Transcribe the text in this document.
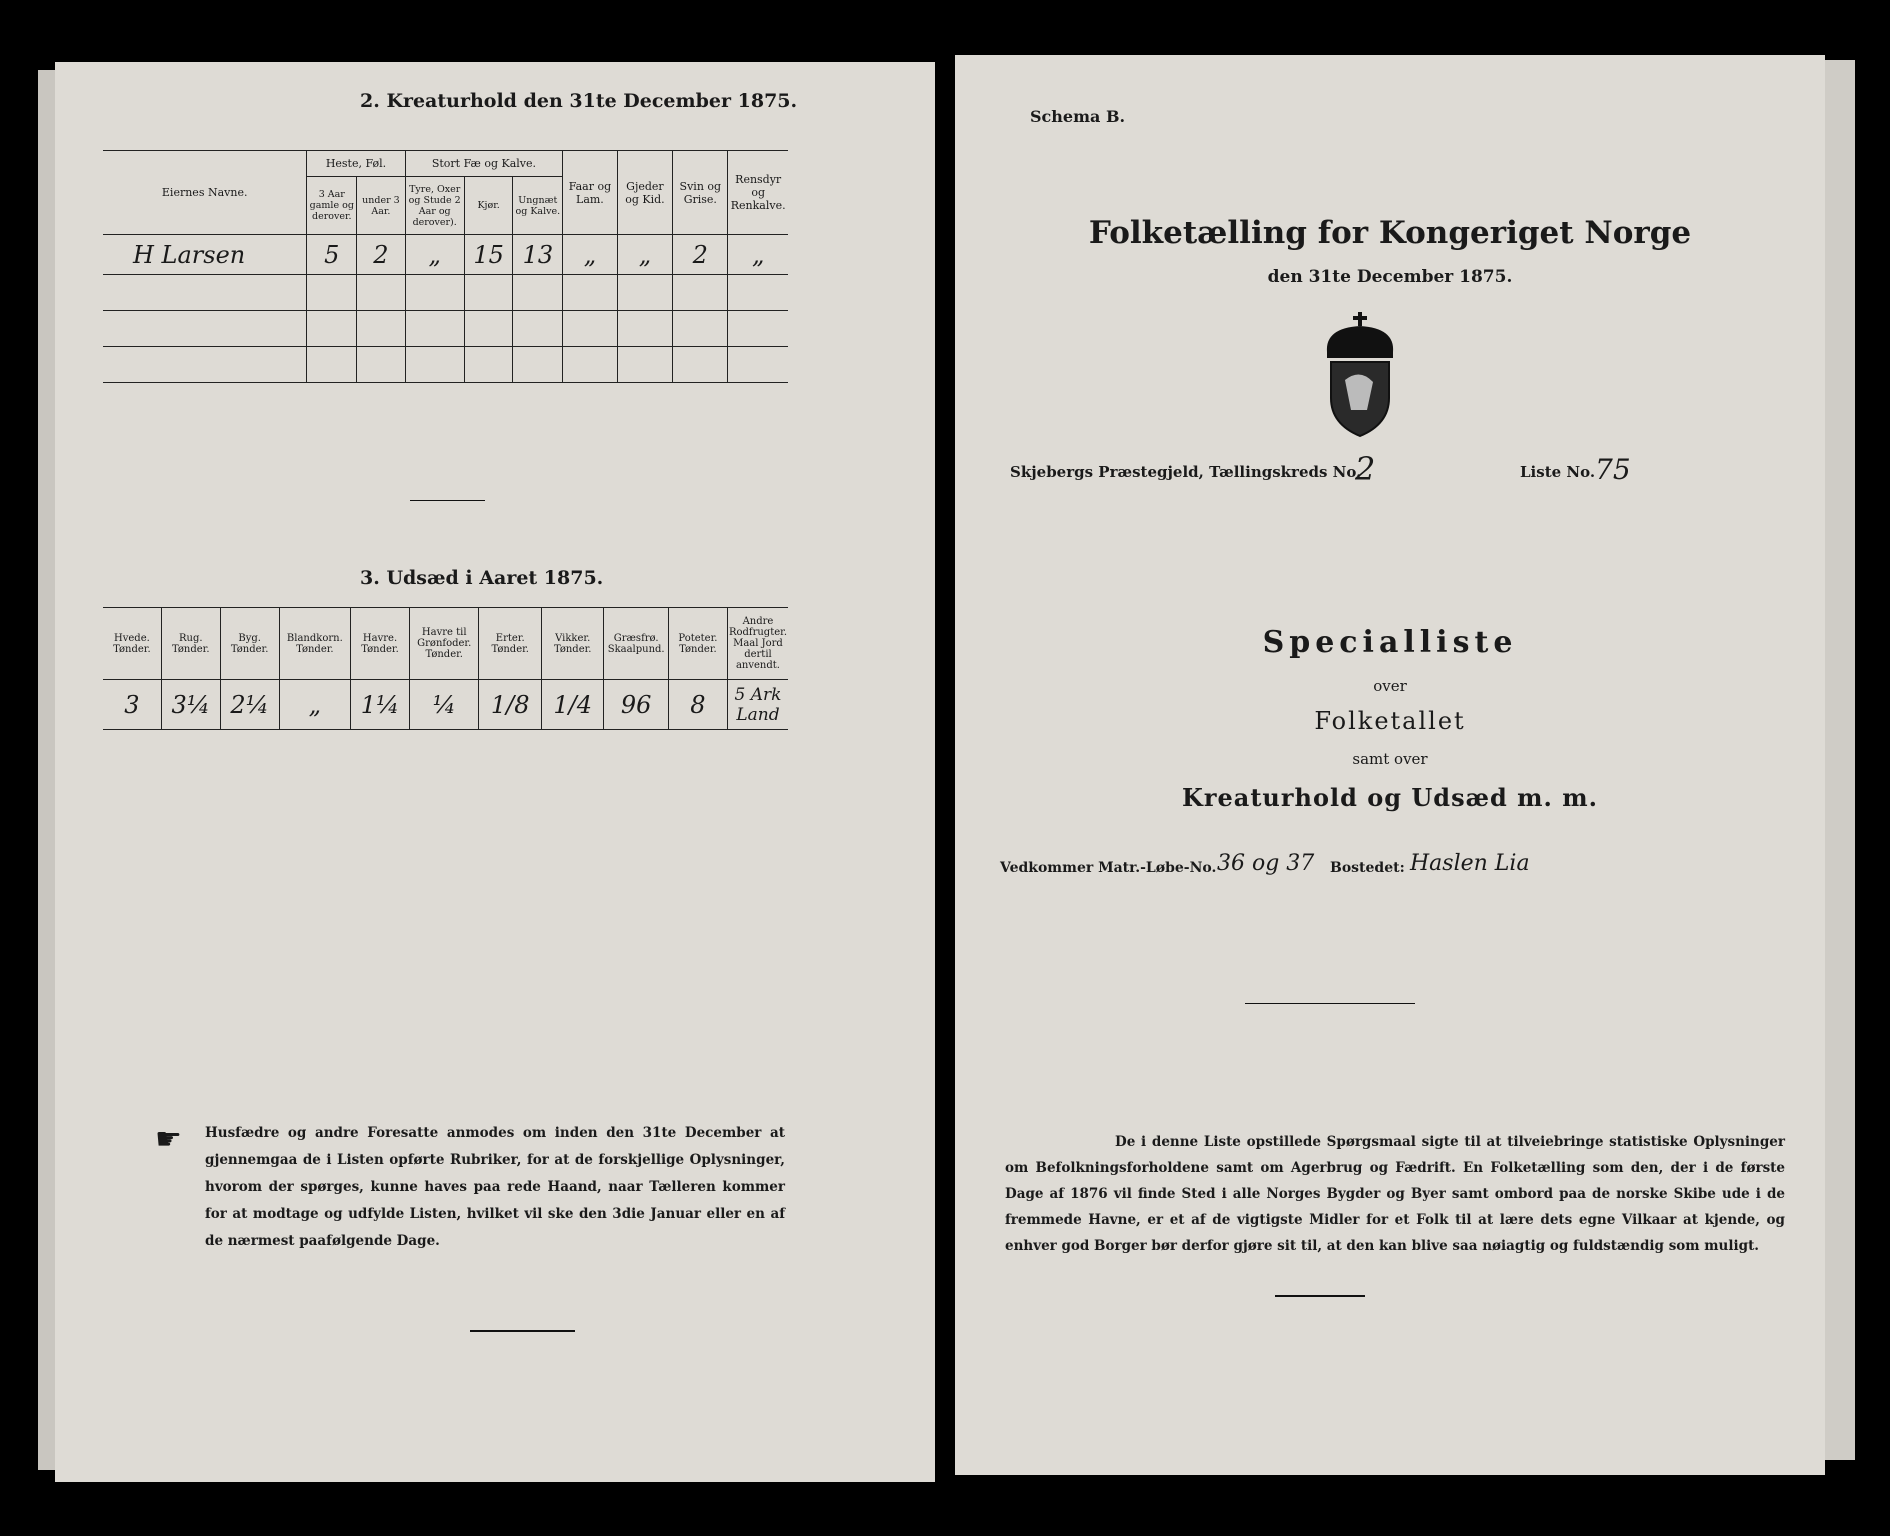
2. Kreaturhold den 31te December 1875.
Eiernes Navne.	Heste, Føl.		Stort Fæ og Kalve.			Faar og Lam.	Gjeder og Kid.	Svin og Grise.	Rensdyr og Renkalve.
	3 Aar gamle og derover.	under 3 Aar.	Tyre, Oxer og Stude 2 Aar og derover).	Kjør.	Ungnæt og Kalve.				
H Larsen	5	2	„	15	13	„	„	2	„

3. Udsæd i Aaret 1875.
Hvede. Tønder.	Rug. Tønder.	Byg. Tønder.	Blandkorn. Tønder.	Havre. Tønder.	Havre til Grønfoder. Tønder.	Erter. Tønder.	Vikker. Tønder.	Græsfrø. Skaalpund.	Poteter. Tønder.	Andre Rodfrugter. Maal Jord dertil anvendt.
3	3¼	2¼	„	1¼	¼	1/8	1/4	96	8	5 Ark Land
☛ Husfædre og andre Foresatte anmodes om inden den 31te December at gjennemgaa de i Listen opførte Rubriker, for at de forskjellige Oplysninger, hvorom der spørges, kunne haves paa rede Haand, naar Tælleren kommer for at modtage og udfylde Listen, hvilket vil ske den 3die Januar eller en af de nærmest paafølgende Dage.
Schema B.
Folketælling for Kongeriget Norge
den 31te December 1875.
Skjebergs Præstegjeld, Tællingskreds No.
2	Liste No. 75
Specialliste
over
Folketallet
samt over
Kreaturhold og Udsæd m. m.
Vedkommer Matr.-Løbe-No. 36 og 37 Bostedet: Haslen Lia
De i denne Liste opstillede Spørgsmaal sigte til at tilveiebringe statistiske Oplysninger om Befolkningsforholdene samt om Agerbrug og Fædrift. En Folketælling som den, der i de første Dage af 1876 vil finde Sted i alle Norges Bygder og Byer samt ombord paa de norske Skibe ude i de fremmede Havne, er et af de vigtigste Midler for et Folk til at lære dets egne Vilkaar at kjende, og enhver god Borger bør derfor gjøre sit til, at den kan blive saa nøiagtig og fuldstændig som muligt.
